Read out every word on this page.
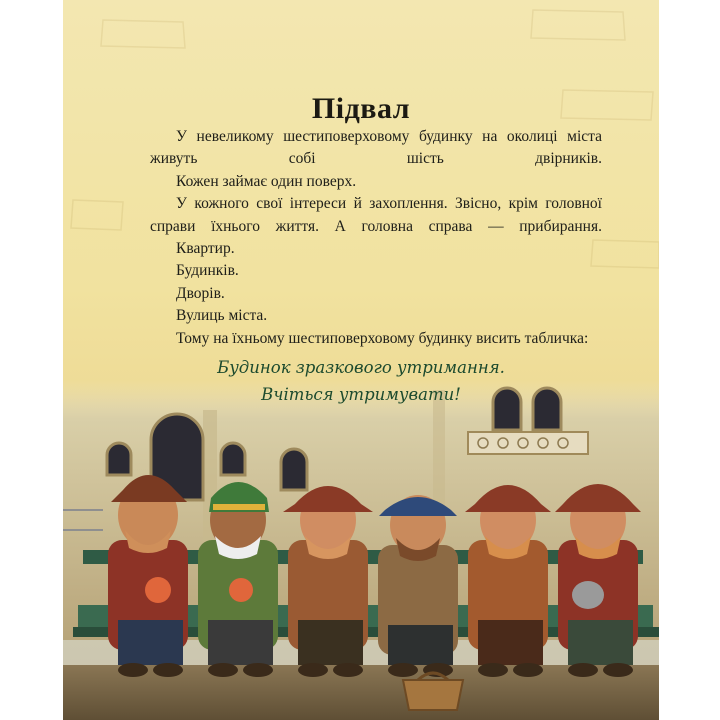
Підвал

У невеликому шестиповерховому будинку на околиці міста живуть собі шість двірників.

Кожен займає один поверх.

У кожного свої інтереси й захоплення. Звісно, крім головної справи їхнього життя. А головна справа — прибирання.

Квартир.

Будинків.

Дворів.

Вулиць міста.

Тому на їхньому шестиповерховому будинку висить табличка:

Будинок зразкового утримання.
Вчіться утримувати!
